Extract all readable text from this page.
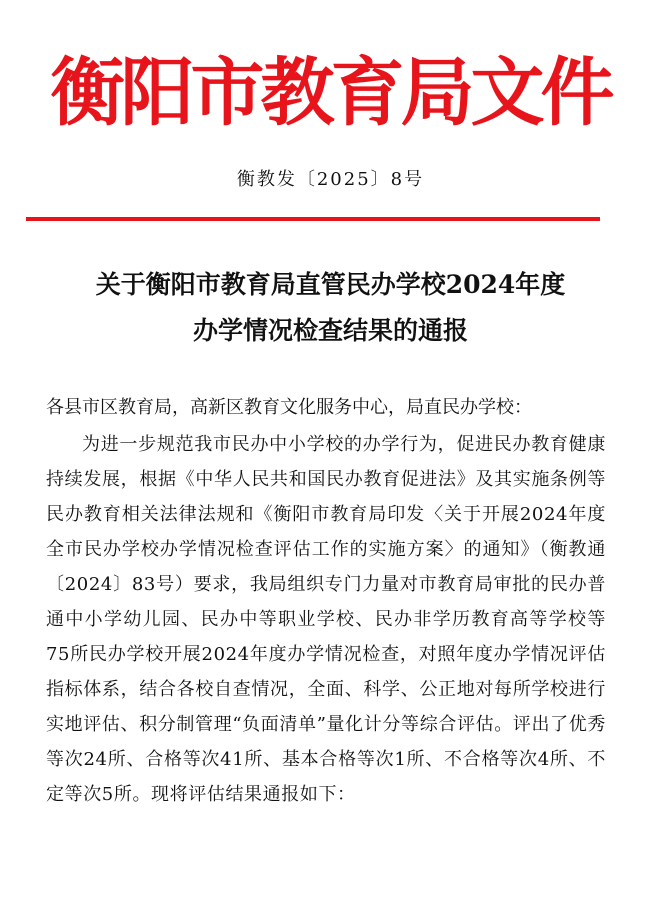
衡阳市教育局文件
衡教发〔2025〕8号
关于衡阳市教育局直管民办学校2024年度
办学情况检查结果的通报
各县市区教育局，高新区教育文化服务中心，局直民办学校：
为进一步规范我市民办中小学校的办学行为，促进民办教育健康持续发展，根据《中华人民共和国民办教育促进法》及其实施条例等民办教育相关法律法规和《衡阳市教育局印发〈关于开展2024年度全市民办学校办学情况检查评估工作的实施方案〉的通知》（衡教通〔2024〕83号）要求，我局组织专门力量对市教育局审批的民办普通中小学幼儿园、民办中等职业学校、民办非学历教育高等学校等75所民办学校开展2024年度办学情况检查，对照年度办学情况评估指标体系，结合各校自查情况，全面、科学、公正地对每所学校进行实地评估、积分制管理“负面清单”量化计分等综合评估。评出了优秀等次24所、合格等次41所、基本合格等次1所、不合格等次4所、不定等次5所。现将评估结果通报如下：
